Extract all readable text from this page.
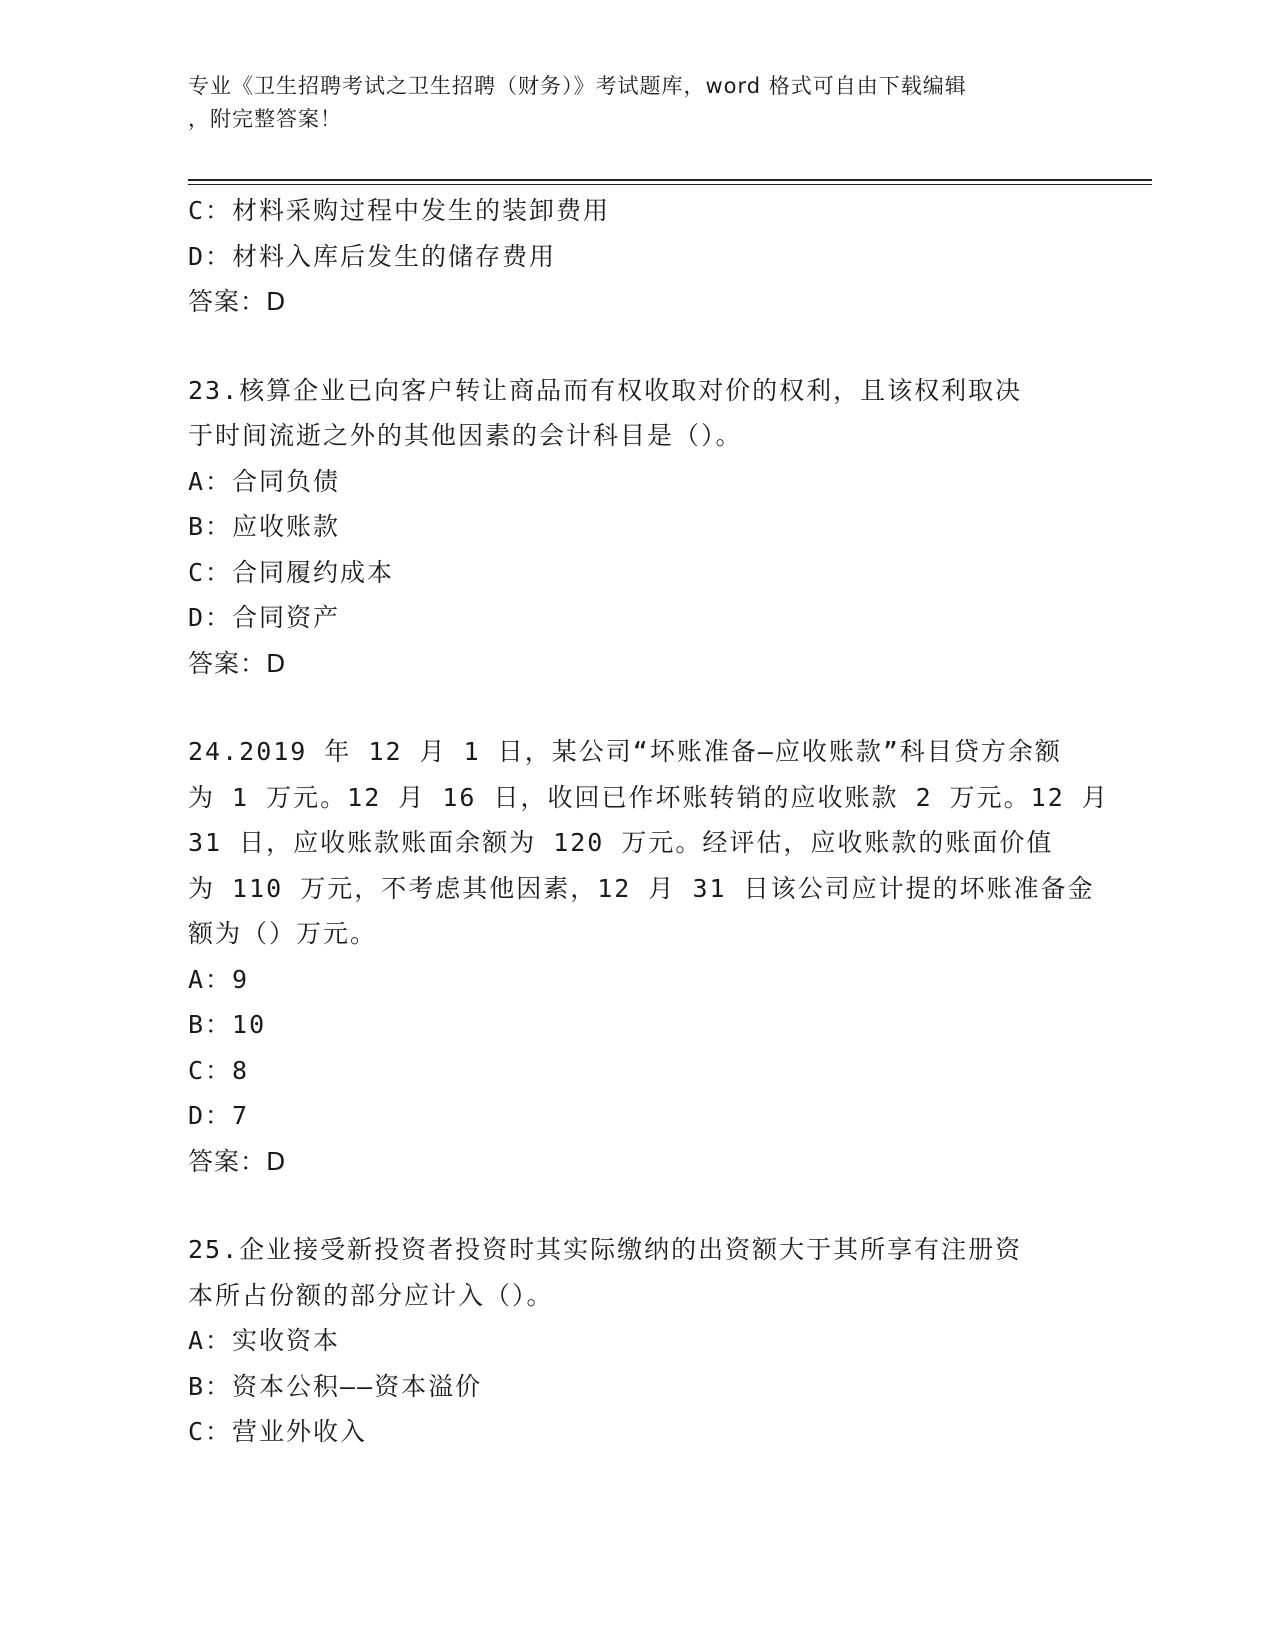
专业《卫生招聘考试之卫生招聘（财务）》考试题库，word 格式可自由下载编辑
，附完整答案！
C：材料采购过程中发生的装卸费用
D：材料入库后发生的储存费用
答案：D
23.核算企业已向客户转让商品而有权收取对价的权利，且该权利取决
于时间流逝之外的其他因素的会计科目是（）。
A：合同负债
B：应收账款
C：合同履约成本
D：合同资产
答案：D
24.2019 年 12 月 1 日，某公司“坏账准备—应收账款”科目贷方余额
为 1 万元。12 月 16 日，收回已作坏账转销的应收账款 2 万元。12 月
31 日，应收账款账面余额为 120 万元。经评估，应收账款的账面价值
为 110 万元，不考虑其他因素，12 月 31 日该公司应计提的坏账准备金
额为（）万元。
A：9
B：10
C：8
D：7
答案：D
25.企业接受新投资者投资时其实际缴纳的出资额大于其所享有注册资
本所占份额的部分应计入（）。
A：实收资本
B：资本公积——资本溢价
C：营业外收入
